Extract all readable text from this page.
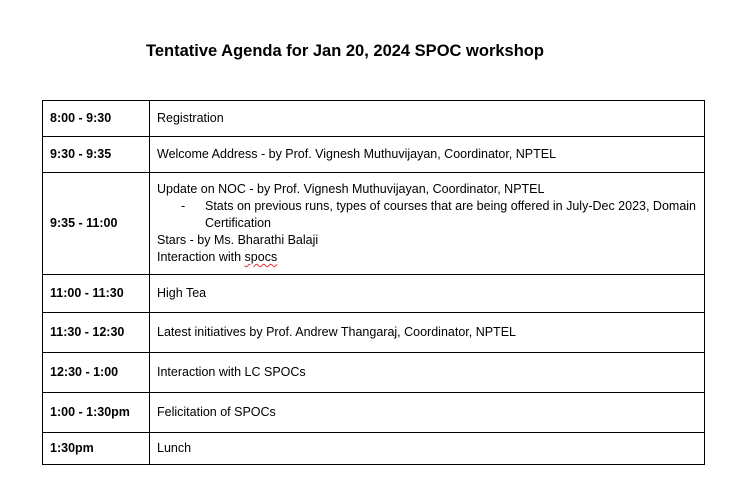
Tentative Agenda for Jan 20, 2024 SPOC workshop
8:00 - 9:30	Registration
9:30 - 9:35	Welcome Address - by Prof. Vignesh Muthuvijayan, Coordinator, NPTEL
9:35 - 11:00	Update on NOC - by Prof. Vignesh Muthuvijayan, Coordinator, NPTEL
- Stats on previous runs, types of courses that are being offered in July-Dec 2023, Domain Certification
Stars - by Ms. Bharathi Balaji
Interaction with spocs

11:00 - 11:30	High Tea
11:30 - 12:30	Latest initiatives by Prof. Andrew Thangaraj, Coordinator, NPTEL
12:30 - 1:00	Interaction with LC SPOCs
1:00 - 1:30pm	Felicitation of SPOCs
1:30pm	Lunch
